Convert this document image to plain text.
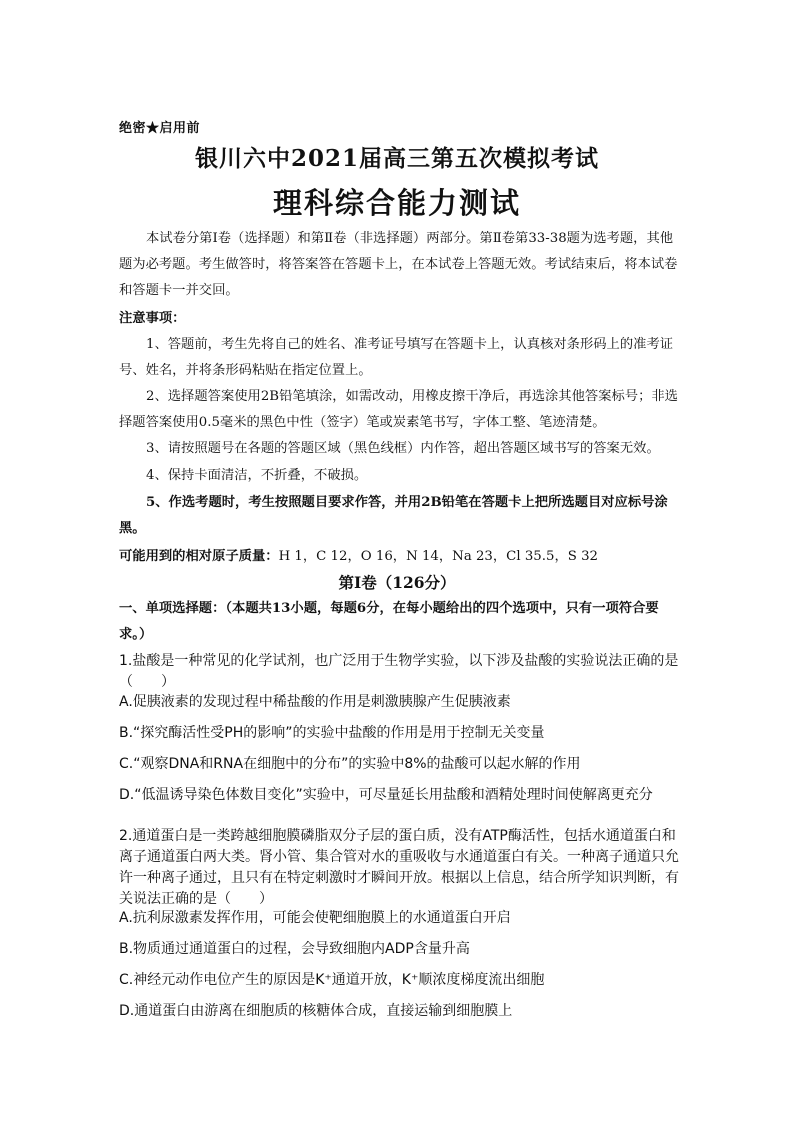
绝密★启用前
银川六中2021届高三第五次模拟考试
理科综合能力测试
本试卷分第Ⅰ卷（选择题）和第Ⅱ卷（非选择题）两部分。第Ⅱ卷第33-38题为选考题，其他题为必考题。考生做答时，将答案答在答题卡上，在本试卷上答题无效。考试结束后，将本试卷和答题卡一并交回。
注意事项：
1、答题前，考生先将自己的姓名、准考证号填写在答题卡上，认真核对条形码上的准考证号、姓名，并将条形码粘贴在指定位置上。
2、选择题答案使用2B铅笔填涂，如需改动，用橡皮擦干净后，再选涂其他答案标号；非选择题答案使用0.5毫米的黑色中性（签字）笔或炭素笔书写，字体工整、笔迹清楚。
3、请按照题号在各题的答题区域（黑色线框）内作答，超出答题区域书写的答案无效。
4、保持卡面清洁，不折叠，不破损。
5、作选考题时，考生按照题目要求作答，并用2B铅笔在答题卡上把所选题目对应标号涂黑。
可能用到的相对原子质量：H 1，C 12，O 16，N 14，Na 23，Cl 35.5，S 32
第Ⅰ卷（126分）
一、单项选择题：（本题共13小题，每题6分，在每小题给出的四个选项中，只有一项符合要求。）
1.盐酸是一种常见的化学试剂，也广泛用于生物学实验，以下涉及盐酸的实验说法正确的是（　　）
A.促胰液素的发现过程中稀盐酸的作用是刺激胰腺产生促胰液素
B.“探究酶活性受PH的影响”的实验中盐酸的作用是用于控制无关变量
C.“观察DNA和RNA在细胞中的分布”的实验中8%的盐酸可以起水解的作用
D.“低温诱导染色体数目变化”实验中，可尽量延长用盐酸和酒精处理时间使解离更充分
2.通道蛋白是一类跨越细胞膜磷脂双分子层的蛋白质，没有ATP酶活性，包括水通道蛋白和离子通道蛋白两大类。肾小管、集合管对水的重吸收与水通道蛋白有关。一种离子通道只允许一种离子通过，且只有在特定刺激时才瞬间开放。根据以上信息，结合所学知识判断，有关说法正确的是（　　）
A.抗利尿激素发挥作用，可能会使靶细胞膜上的水通道蛋白开启
B.物质通过通道蛋白的过程，会导致细胞内ADP含量升高
C.神经元动作电位产生的原因是K⁺通道开放，K⁺顺浓度梯度流出细胞
D.通道蛋白由游离在细胞质的核糖体合成，直接运输到细胞膜上
